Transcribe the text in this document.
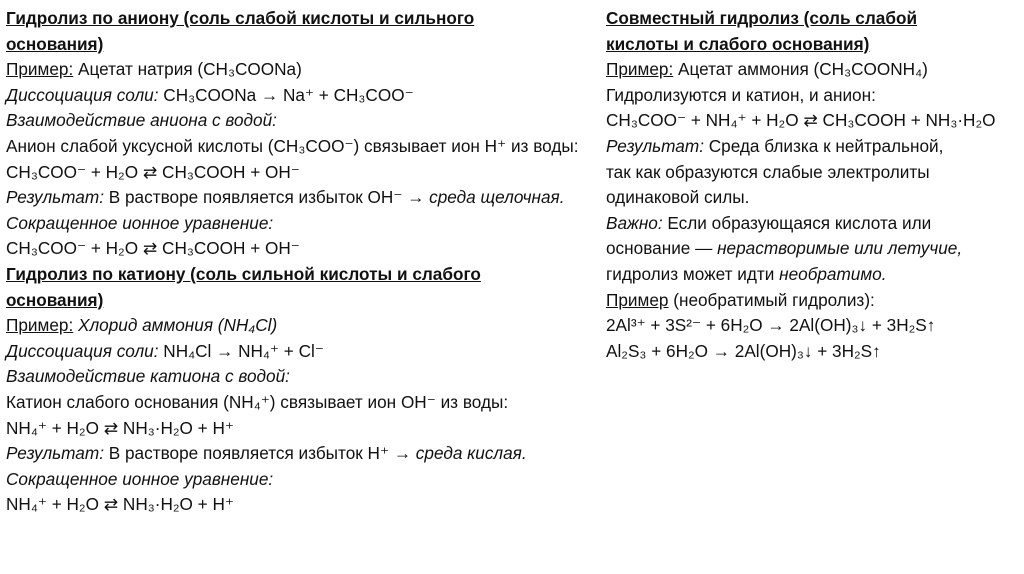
Гидролиз по аниону (соль слабой кислоты и сильного
основания)
Пример: Ацетат натрия (CH₃COONa)
Диссоциация соли: CH₃COONa → Na⁺ + CH₃COO⁻
Взаимодействие аниона с водой:
Анион слабой уксусной кислоты (CH₃COO⁻) связывает ион H⁺ из воды:
CH₃COO⁻ + H₂O ⇄ CH₃COOH + OH⁻
Результат: В растворе появляется избыток OH⁻ → среда щелочная.
Сокращенное ионное уравнение:
CH₃COO⁻ + H₂O ⇄ CH₃COOH + OH⁻
Гидролиз по катиону (соль сильной кислоты и слабого
основания)
Пример: Хлорид аммония (NH₄Cl)
Диссоциация соли: NH₄Cl → NH₄⁺ + Cl⁻
Взаимодействие катиона с водой:
Катион слабого основания (NH₄⁺) связывает ион OH⁻ из воды:
NH₄⁺ + H₂O ⇄ NH₃·H₂O + H⁺
Результат: В растворе появляется избыток H⁺ → среда кислая.
Сокращенное ионное уравнение:
NH₄⁺ + H₂O ⇄ NH₃·H₂O + H⁺
Совместный гидролиз (соль слабой
кислоты и слабого основания)
Пример: Ацетат аммония (CH₃COONH₄)
Гидролизуются и катион, и анион:
CH₃COO⁻ + NH₄⁺ + H₂O ⇄ CH₃COOH + NH₃·H₂O
Результат: Среда близка к нейтральной,
так как образуются слабые электролиты
одинаковой силы.
Важно: Если образующаяся кислота или
основание — нерастворимые или летучие,
гидролиз может идти необратимо.
Пример (необратимый гидролиз):
2Al³⁺ + 3S²⁻ + 6H₂O → 2Al(OH)₃↓ + 3H₂S↑
Al₂S₃ + 6H₂O → 2Al(OH)₃↓ + 3H₂S↑
